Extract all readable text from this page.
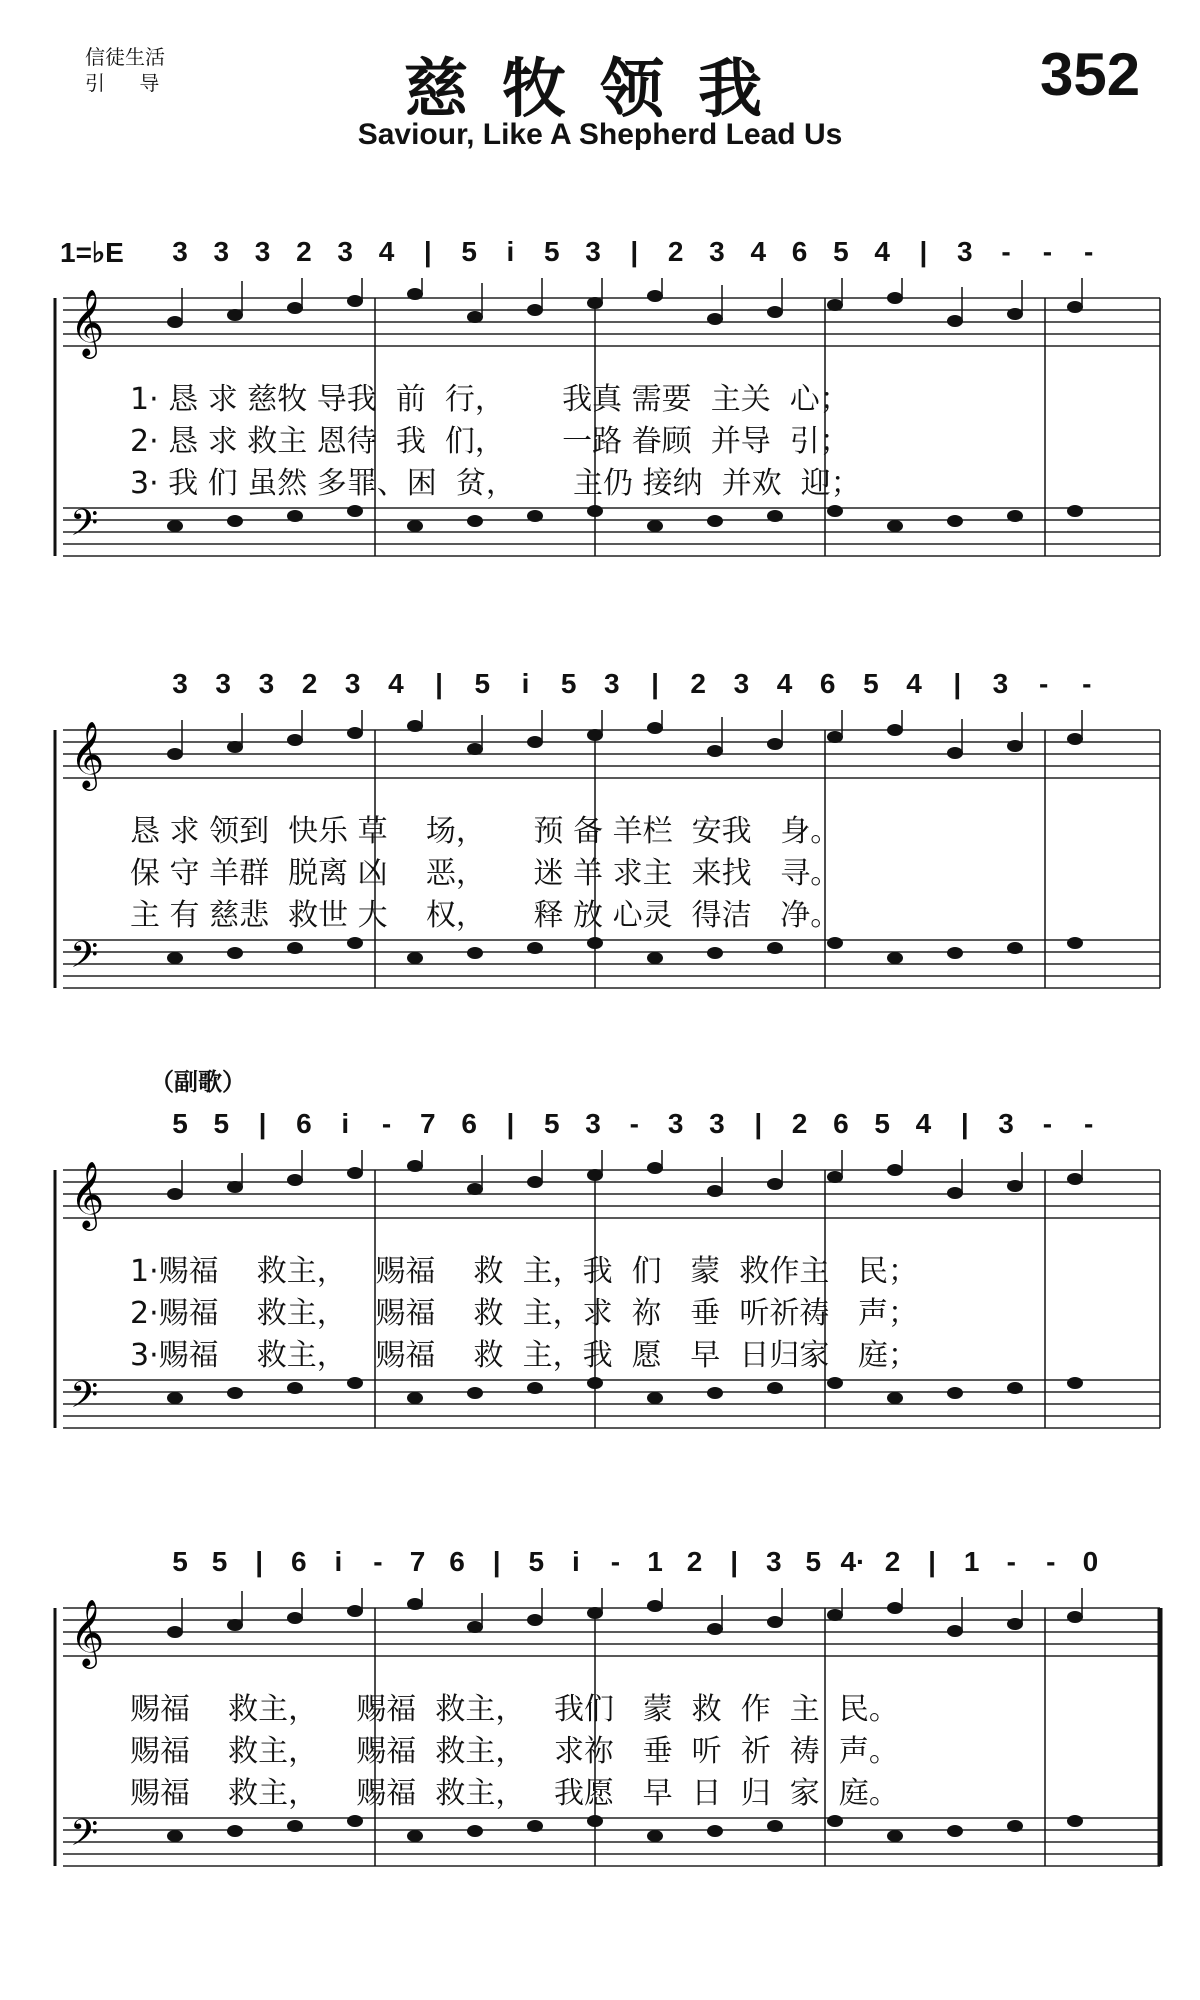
信徒生活
引 导	慈牧领我
Saviour, Like A Shepherd Lead Us
352
（副歌）
1=♭E 3 3 3 2 3 4	|	5	i	5 3	|	2 3 4 6 5 4	|	3	-	-	-
𝄞
𝄢
1· 恳 求 慈牧 导我  前  行，      我真 需要  主关  心；
2· 恳 求 救主 恩待  我  们，      一路 眷顾  并导  引；
3· 我 们 虽然 多罪、困  贫，      主仍 接纳  并欢  迎；
3 3 3 2 3 4	|	5	i	5 3	|	2 3 4 6 5 4	|	3	-	-
𝄞
𝄢
恳 求 领到  快乐 草    场，     预 备 羊栏  安我   身。
保 守 羊群  脱离 凶    恶，     迷 羊 求主  来找   寻。
主 有 慈悲  救世 大    权，     释 放 心灵  得洁   净。
5 5	|	6	i	-	7 6	|	5 3	-	3 3	|	2 6 5 4	|	3	-	-
𝄞
𝄢
1·赐福    救主，   赐福    救  主，我  们   蒙  救作主   民；
2·赐福    救主，   赐福    救  主，求  祢   垂  听祈祷   声；
3·赐福    救主，   赐福    救  主，我  愿   早  日归家   庭；
5 5 | 6 i	- 7 6 | 5 i	- 1 2 | 3 5 4· 2 | 1 -	- 0
𝄞
𝄢
赐福    救主，    赐福  救主，   我们   蒙  救  作  主  民。
赐福    救主，    赐福  救主，   求祢   垂  听  祈  祷  声。
赐福    救主，    赐福  救主，   我愿   早  日  归  家  庭。
